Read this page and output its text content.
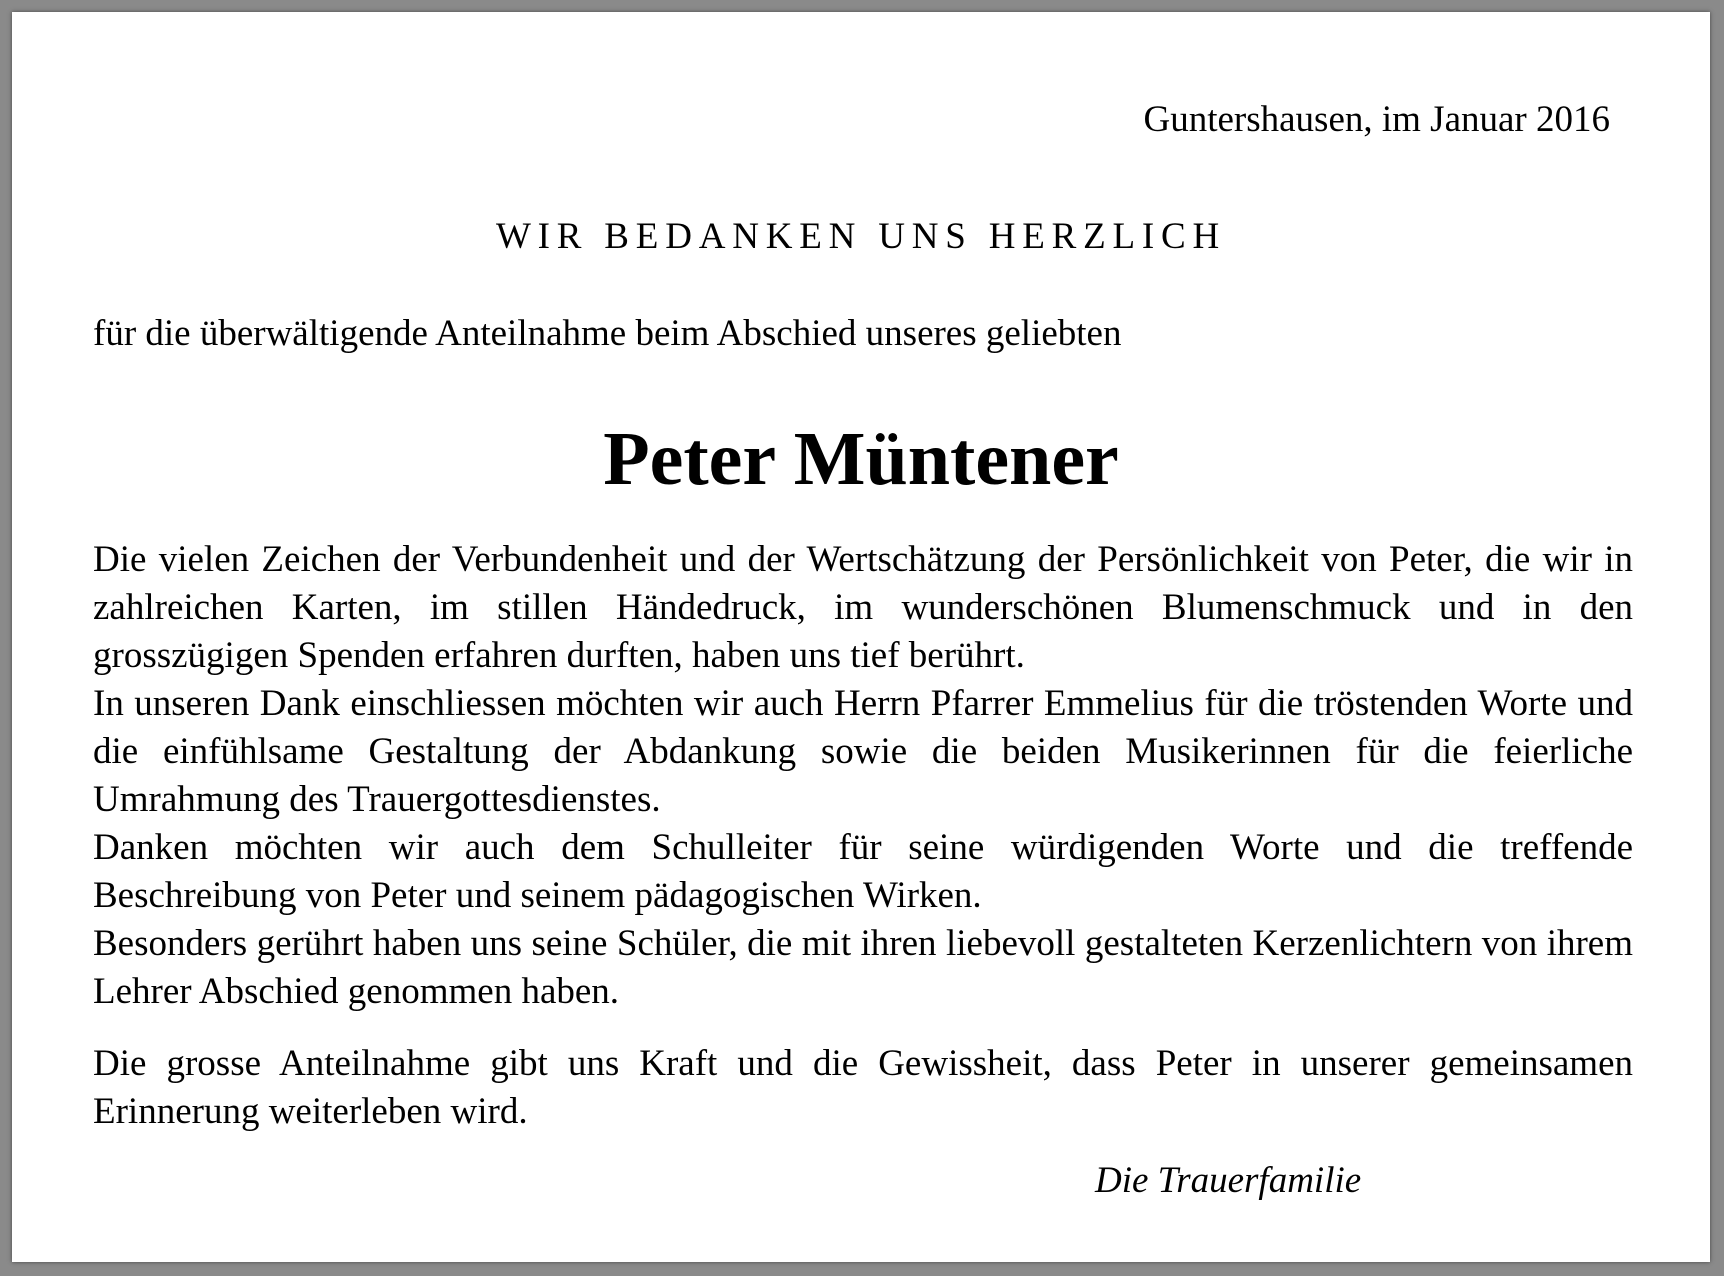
Guntershausen, im Januar 2016
WIR BEDANKEN UNS HERZLICH
für die überwältigende Anteilnahme beim Abschied unseres geliebten
Peter Müntener

Die vielen Zeichen der Verbundenheit und der Wertschätzung der Persönlichkeit von Peter, die wir in zahlreichen Karten, im stillen Händedruck, im wunderschönen Blumenschmuck und in den grosszügigen Spenden erfahren durften, haben uns tief berührt.

In unseren Dank einschliessen möchten wir auch Herrn Pfarrer Emmelius für die tröstenden Worte und die einfühlsame Gestaltung der Abdankung sowie die beiden Musikerinnen für die feierliche Umrahmung des Trauergottesdienstes.

Danken möchten wir auch dem Schulleiter für seine würdigenden Worte und die treffende Beschreibung von Peter und seinem pädagogischen Wirken.

Besonders gerührt haben uns seine Schüler, die mit ihren liebevoll gestalteten Kerzenlichtern von ihrem Lehrer Abschied genommen haben.

Die grosse Anteilnahme gibt uns Kraft und die Gewissheit, dass Peter in unserer gemeinsamen Erinnerung weiterleben wird.

Die Trauerfamilie
